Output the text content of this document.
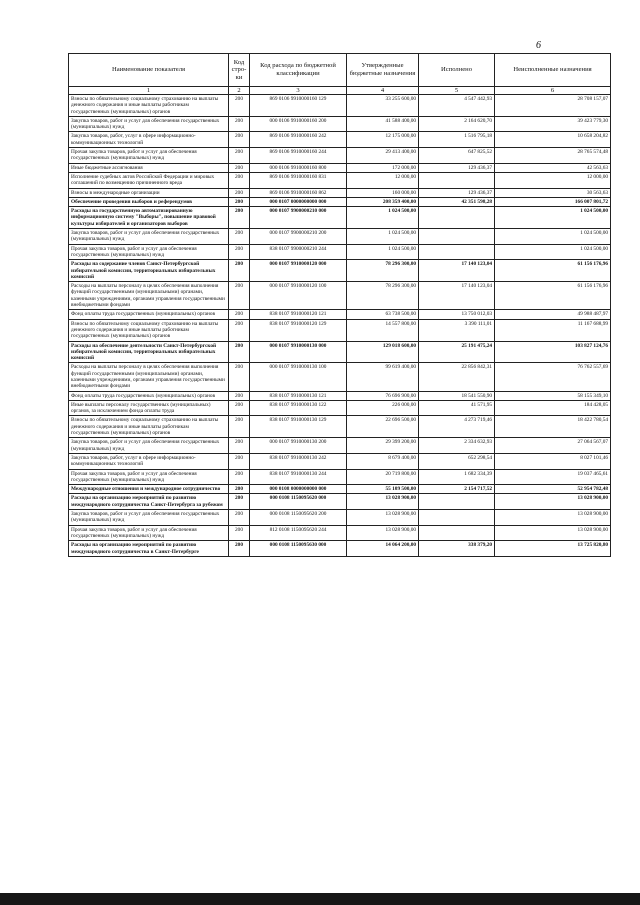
6
Наименование показателя	Код стро-ки	Код расхода по бюджетной классификации	Утвержденные бюджетные назначения	Исполнено	Неисполненные назначения
1	2	3	4	5	6
Взносы по обязательному социальному страхованию на выплаты денежного содержания и иные выплаты работникам государственных (муниципальных) органов	200	869 0106 9910000160 129	33 255 600,00	4 547 442,93	28 708 157,07
Закупка товаров, работ и услуг для обеспечения государственных (муниципальных) нужд	200	000 0106 9910000160 200	41 588 400,00	2 164 620,70	39 423 779,30
Закупка товаров, работ, услуг в сфере информационно-коммуникационных технологий	200	869 0106 9910000160 242	12 175 000,00	1 516 795,18	10 658 204,82
Прочая закупка товаров, работ и услуг для обеспечения государственных (муниципальных) нужд	200	869 0106 9910000160 244	29 413 400,00	647 825,52	28 765 574,48
Иные бюджетные ассигнования	200	000 0106 9910000160 800	172 000,00	129 436,37	42 563,63
Исполнение судебных актов Российской Федерации и мировых соглашений по возмещению причиненного вреда	200	869 0106 9910000160 831	12 000,00		12 000,00
Взносы в международные организации	200	869 0106 9910000160 862	160 000,00	129 436,37	30 563,63
Обеспечение проведения выборов и референдумов	200	000 0107 0000000000 000	208 359 400,00	42 351 598,28	166 007 801,72
Расходы на государственную автоматизированную информационную систему "Выборы", повышение правовой культуры избирателей и организаторов выборов	200	000 0107 9900000210 000	1 024 500,00		1 024 500,00
Закупка товаров, работ и услуг для обеспечения государственных (муниципальных) нужд	200	000 0107 9900000210 200	1 024 500,00		1 024 500,00
Прочая закупка товаров, работ и услуг для обеспечения государственных (муниципальных) нужд	200	838 0107 9900000210 244	1 024 500,00		1 024 500,00
Расходы на содержание членов Санкт-Петербургской избирательной комиссии, территориальных избирательных комиссий	200	000 0107 9910000120 000	78 296 300,00	17 140 123,04	61 156 176,96
Расходы на выплаты персоналу в целях обеспечения выполнения функций государственными (муниципальными) органами, казенными учреждениями, органами управления государственными внебюджетными фондами	200	000 0107 9910000120 100	78 296 300,00	17 140 123,04	61 156 176,96
Фонд оплаты труда государственных (муниципальных) органов	200	838 0107 9910000120 121	63 738 500,00	13 750 012,03	49 988 487,97
Взносы по обязательному социальному страхованию на выплаты денежного содержания и иные выплаты работникам государственных (муниципальных) органов	200	838 0107 9910000120 129	14 557 800,00	3 390 111,01	11 167 688,99
Расходы на обеспечение деятельности Санкт-Петербургской избирательной комиссии, территориальных избирательных комиссий	200	000 0107 9910000130 000	129 018 600,00	25 191 475,24	103 827 124,76
Расходы на выплаты персоналу в целях обеспечения выполнения функций государственными (муниципальными) органами, казенными учреждениями, органами управления государственными внебюджетными фондами	200	000 0107 9910000130 100	99 619 400,00	22 856 842,31	76 762 557,69
Фонд оплаты труда государственных (муниципальных) органов	200	838 0107 9910000130 121	76 696 900,00	18 541 550,90	58 155 349,10
Иные выплаты персоналу государственных (муниципальных) органов, за исключением фонда оплаты труда	200	838 0107 9910000130 122	226 000,00	41 571,95	184 428,05
Взносы по обязательному социальному страхованию на выплаты денежного содержания и иные выплаты работникам государственных (муниципальных) органов	200	838 0107 9910000130 129	22 696 500,00	4 273 719,46	18 422 780,54
Закупка товаров, работ и услуг для обеспечения государственных (муниципальных) нужд	200	000 0107 9910000130 200	29 399 200,00	2 334 632,93	27 064 567,07
Закупка товаров, работ, услуг в сфере информационно-коммуникационных технологий	200	838 0107 9910000130 242	8 679 400,00	652 298,54	8 027 101,46
Прочая закупка товаров, работ и услуг для обеспечения государственных (муниципальных) нужд	200	838 0107 9910000130 244	20 719 800,00	1 682 334,39	19 037 465,61
Международные отношения и международное сотрудничество	200	000 0108 0000000000 000	55 109 500,00	2 154 717,52	52 954 782,48
Расходы на организацию мероприятий по развитию международного сотрудничества Санкт-Петербурга за рубежом	200	000 0108 1150095620 000	13 028 900,00		13 028 900,00
Закупка товаров, работ и услуг для обеспечения государственных (муниципальных) нужд	200	000 0108 1150095620 200	13 028 900,00		13 028 900,00
Прочая закупка товаров, работ и услуг для обеспечения государственных (муниципальных) нужд	200	812 0108 1150095620 244	13 028 900,00		13 028 900,00
Расходы на организацию мероприятий по развитию международного сотрудничества в Санкт-Петербурге	200	000 0108 1150095630 000	14 064 200,00	338 379,20	13 725 820,80
